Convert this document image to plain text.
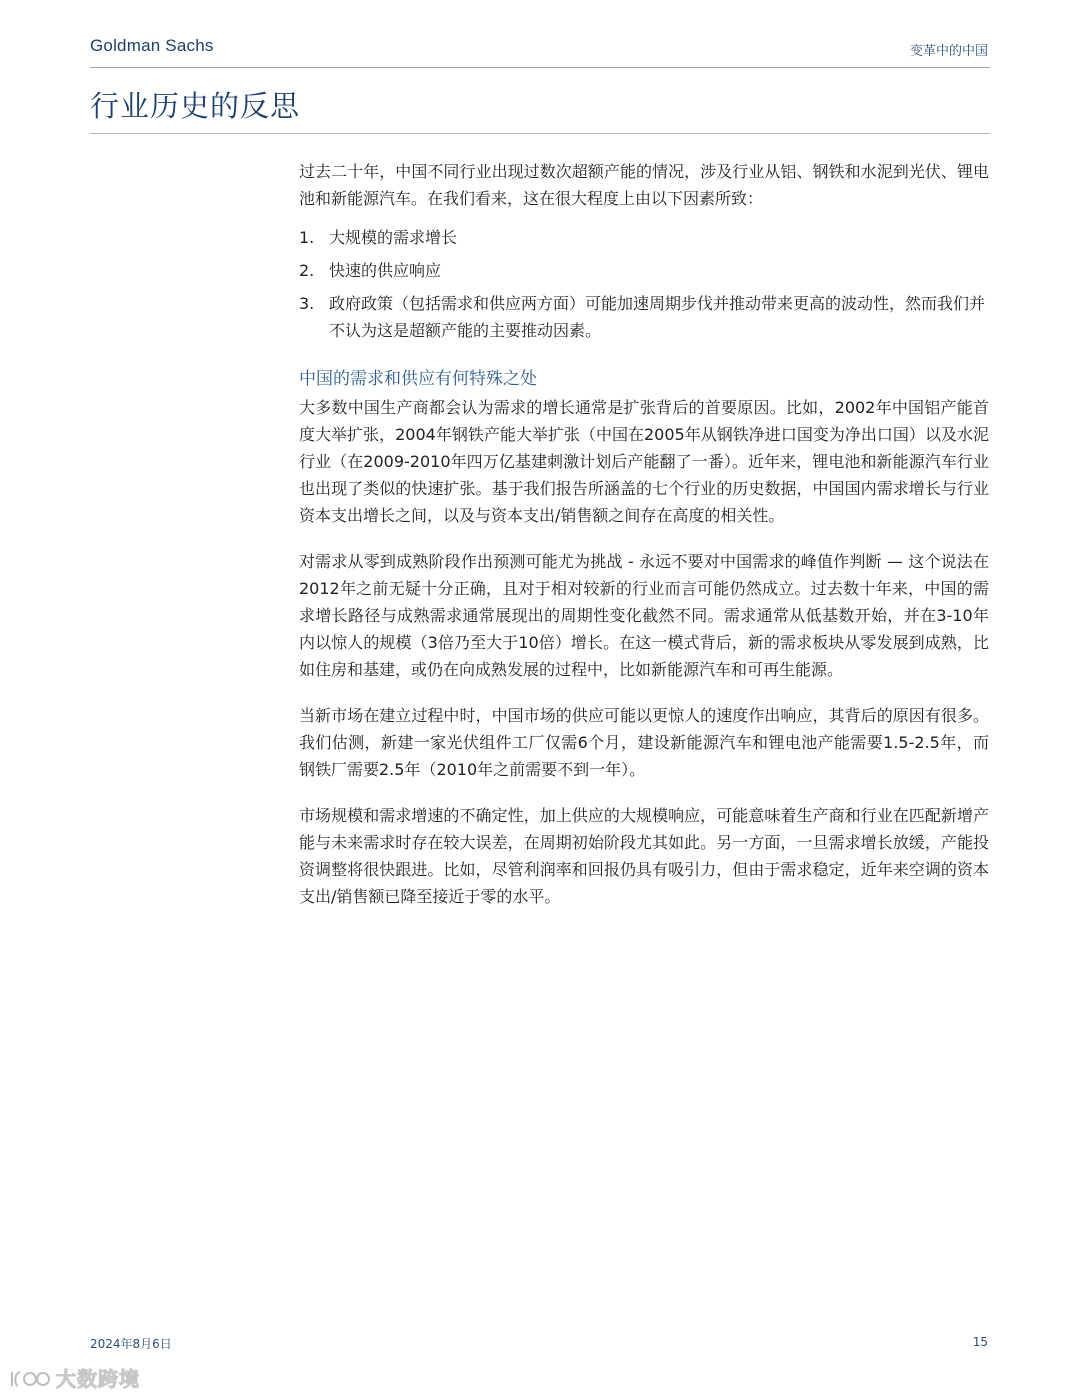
Goldman Sachs	变革中的中国
行业历史的反思

过去二十年，中国不同行业出现过数次超额产能的情况，涉及行业从铝、钢铁和水泥到光伏、锂电池和新能源汽车。在我们看来，这在很大程度上由以下因素所致：

1. 大规模的需求增长
2. 快速的供应响应
3. 政府政策（包括需求和供应两方面）可能加速周期步伐并推动带来更高的波动性，然而我们并不认为这是超额产能的主要推动因素。
中国的需求和供应有何特殊之处

大多数中国生产商都会认为需求的增长通常是扩张背后的首要原因。比如，2002年中国铝产能首度大举扩张，2004年钢铁产能大举扩张（中国在2005年从钢铁净进口国变为净出口国）以及水泥行业（在2009-2010年四万亿基建刺激计划后产能翻了一番）。近年来，锂电池和新能源汽车行业也出现了类似的快速扩张。基于我们报告所涵盖的七个行业的历史数据，中国国内需求增长与行业资本支出增长之间，以及与资本支出/销售额之间存在高度的相关性。

对需求从零到成熟阶段作出预测可能尤为挑战 - 永远不要对中国需求的峰值作判断 — 这个说法在2012年之前无疑十分正确，且对于相对较新的行业而言可能仍然成立。过去数十年来，中国的需求增长路径与成熟需求通常展现出的周期性变化截然不同。需求通常从低基数开始，并在3-10年内以惊人的规模（3倍乃至大于10倍）增长。在这一模式背后，新的需求板块从零发展到成熟，比如住房和基建，或仍在向成熟发展的过程中，比如新能源汽车和可再生能源。

当新市场在建立过程中时，中国市场的供应可能以更惊人的速度作出响应，其背后的原因有很多。我们估测，新建一家光伏组件工厂仅需6个月，建设新能源汽车和锂电池产能需要1.5-2.5年，而钢铁厂需要2.5年（2010年之前需要不到一年）。

市场规模和需求增速的不确定性，加上供应的大规模响应，可能意味着生产商和行业在匹配新增产能与未来需求时存在较大误差，在周期初始阶段尤其如此。另一方面，一旦需求增长放缓，产能投资调整将很快跟进。比如，尽管利润率和回报仍具有吸引力，但由于需求稳定，近年来空调的资本支出/销售额已降至接近于零的水平。

2024年8月6日	15
大数跨境
